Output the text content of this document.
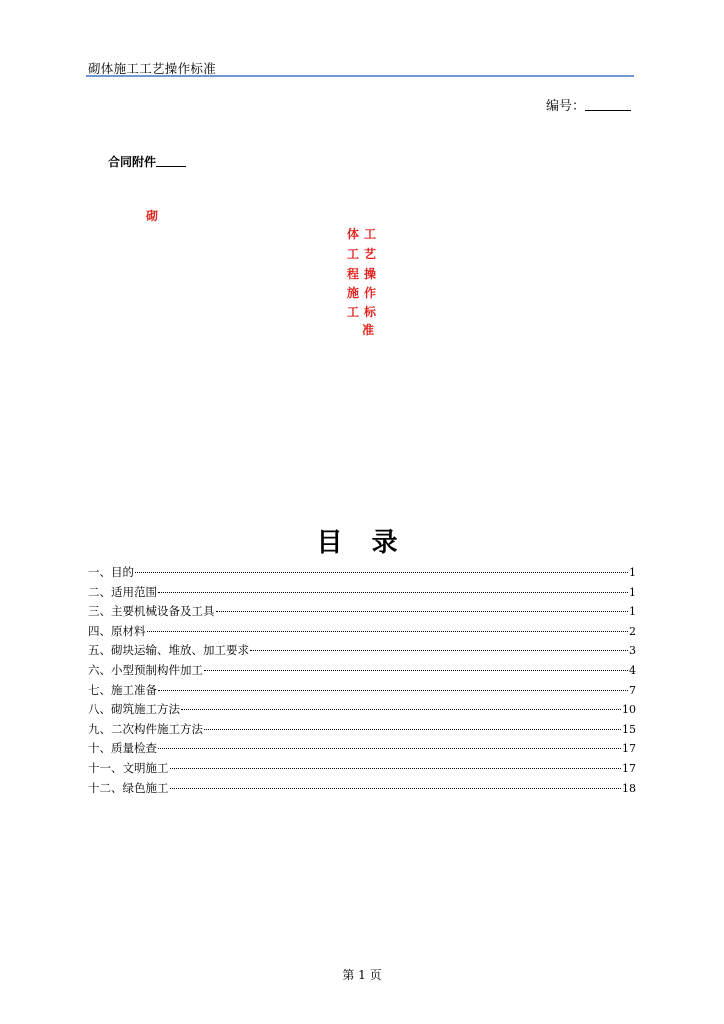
砌体施工工艺操作标准
编号：
合同附件
砌
体
工
程
施
工
工
艺
操
作
标
准
目 录
一、目的	1
二、适用范围	1
三、主要机械设备及工具	1
四、原材料	2
五、砌块运输、堆放、加工要求	3
六、小型预制构件加工	4
七、施工准备	7
八、砌筑施工方法	10
九、二次构件施工方法	15
十、质量检查	17
十一、文明施工	17
十二、绿色施工	18
第 1 页
